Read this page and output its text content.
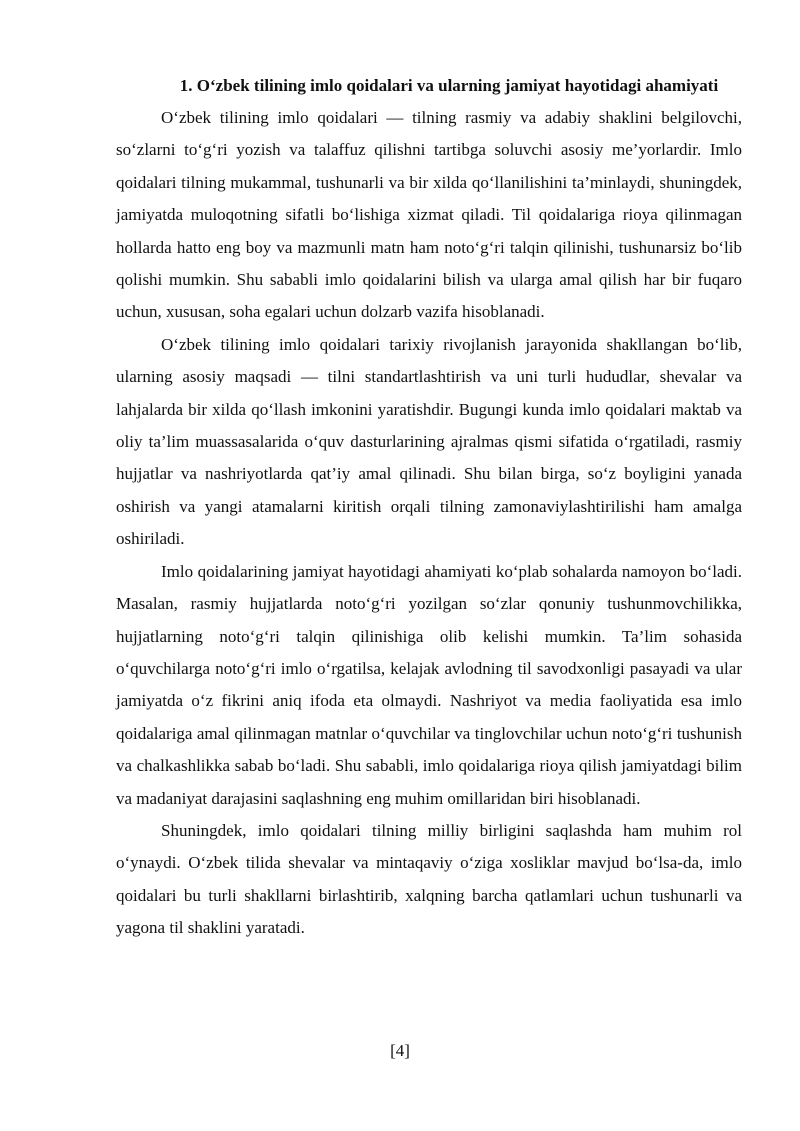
1. O‘zbek tilining imlo qoidalari va ularning jamiyat hayotidagi ahamiyati

O‘zbek tilining imlo qoidalari — tilning rasmiy va adabiy shaklini belgilovchi, so‘zlarni to‘g‘ri yozish va talaffuz qilishni tartibga soluvchi asosiy me’yorlardir. Imlo qoidalari tilning mukammal, tushunarli va bir xilda qo‘llanilishini ta’minlaydi, shuningdek, jamiyatda muloqotning sifatli bo‘lishiga xizmat qiladi. Til qoidalariga rioya qilinmagan hollarda hatto eng boy va mazmunli matn ham noto‘g‘ri talqin qilinishi, tushunarsiz bo‘lib qolishi mumkin. Shu sababli imlo qoidalarini bilish va ularga amal qilish har bir fuqaro uchun, xususan, soha egalari uchun dolzarb vazifa hisoblanadi.

O‘zbek tilining imlo qoidalari tarixiy rivojlanish jarayonida shakllangan bo‘lib, ularning asosiy maqsadi — tilni standartlashtirish va uni turli hududlar, shevalar va lahjalarda bir xilda qo‘llash imkonini yaratishdir. Bugungi kunda imlo qoidalari maktab va oliy ta’lim muassasalarida o‘quv dasturlarining ajralmas qismi sifatida o‘rgatiladi, rasmiy hujjatlar va nashriyotlarda qat’iy amal qilinadi. Shu bilan birga, so‘z boyligini yanada oshirish va yangi atamalarni kiritish orqali tilning zamonaviylashtirilishi ham amalga oshiriladi.

Imlo qoidalarining jamiyat hayotidagi ahamiyati ko‘plab sohalarda namoyon bo‘ladi. Masalan, rasmiy hujjatlarda noto‘g‘ri yozilgan so‘zlar qonuniy tushunmovchilikka, hujjatlarning noto‘g‘ri talqin qilinishiga olib kelishi mumkin. Ta’lim sohasida o‘quvchilarga noto‘g‘ri imlo o‘rgatilsa, kelajak avlodning til savodxonligi pasayadi va ular jamiyatda o‘z fikrini aniq ifoda eta olmaydi. Nashriyot va media faoliyatida esa imlo qoidalariga amal qilinmagan matnlar o‘quvchilar va tinglovchilar uchun noto‘g‘ri tushunish va chalkashlikka sabab bo‘ladi. Shu sababli, imlo qoidalariga rioya qilish jamiyatdagi bilim va madaniyat darajasini saqlashning eng muhim omillaridan biri hisoblanadi.

Shuningdek, imlo qoidalari tilning milliy birligini saqlashda ham muhim rol o‘ynaydi. O‘zbek tilida shevalar va mintaqaviy o‘ziga xosliklar mavjud bo‘lsa-da, imlo qoidalari bu turli shakllarni birlashtirib, xalqning barcha qatlamlari uchun tushunarli va yagona til shaklini yaratadi.

[4]
